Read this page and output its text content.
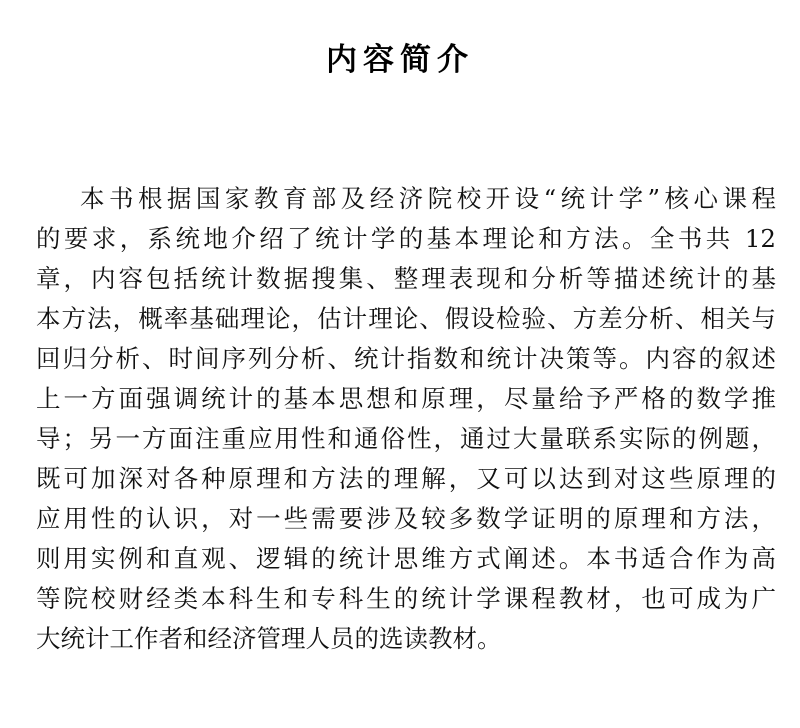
内容简介
本书根据国家教育部及经济院校开设“统计学”核心课程
的要求，系统地介绍了统计学的基本理论和方法。全书共 12
章，内容包括统计数据搜集、整理表现和分析等描述统计的基
本方法，概率基础理论，估计理论、假设检验、方差分析、相关与
回归分析、时间序列分析、统计指数和统计决策等。内容的叙述
上一方面强调统计的基本思想和原理，尽量给予严格的数学推
导；另一方面注重应用性和通俗性，通过大量联系实际的例题，
既可加深对各种原理和方法的理解，又可以达到对这些原理的
应用性的认识，对一些需要涉及较多数学证明的原理和方法，
则用实例和直观、逻辑的统计思维方式阐述。本书适合作为高
等院校财经类本科生和专科生的统计学课程教材，也可成为广
大统计工作者和经济管理人员的选读教材。
